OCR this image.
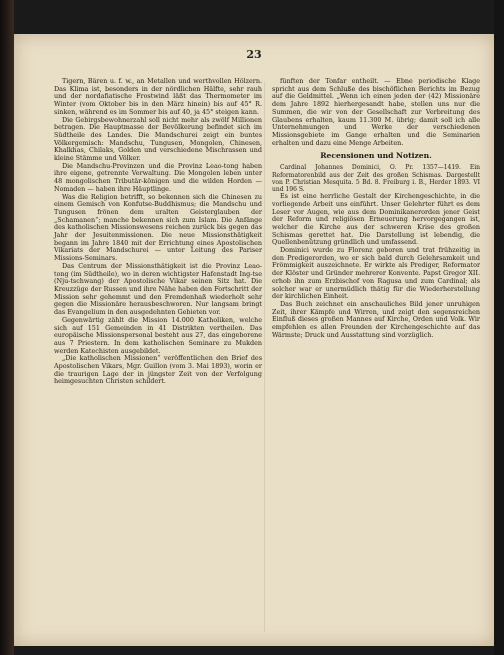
23

Tigern, Bären u. f. w., an Metallen und werthvollen Hölzern. Das Klima ist, besonders in der nördlichen Hälfte, sehr rauh und der nordafiatische Frostwind läßt das Thermometer im Winter (vom Oktober bis in den März hinein) bis auf 45° R. sinken, während es im Sommer bis auf 40, ja 45° steigen kann.

Die Gebirgsbewohnerzahl soll nicht mehr als zwölf Millionen betragen. Die Hauptmasse der Bevölkerung befindet sich im Südtheile des Landes. Die Mandschurei zeigt ein buntes Völkergemisch: Mandschu, Tungusen, Mongolen, Chinesen, Khalkhas, Chilaks, Golden und verschiedene Mischrassen und kleine Stämme und Völker.

Die Mandschu-Provinzen und die Provinz Leao-tong haben ihre eigene, getrennte Verwaltung. Die Mongolen leben unter 48 mongolischen Tributär-königen und die wilden Horden — Nomaden — haben ihre Häuptlinge.

Was die Religion betrifft, so bekennen sich die Chinesen zu einem Gemisch von Konfutse-Buddhismus; die Mandschu und Tungusen frönen dem uralten Geisterglauben der „Schamanen“; manche bekennen sich zum Islam. Die Anfänge des katholischen Missionswesens reichen zurück bis gegen das Jahr der Jesuitenmissionen. Die neue Missionsthätigkeit begann im Jahre 1840 mit der Errichtung eines Apostolischen Vikariats der Mandschurei — unter Leitung des Pariser Missions-Seminars.

Das Centrum der Missionsthätigkeit ist die Provinz Leao-tong (im Südtheile), wo in deren wichtigster Hafenstadt Ing-tse (Nju-tschwang) der Apostolische Vikar seinen Sitz hat. Die Kreuzzüge der Russen und ihre Nähe haben den Fortschritt der Mission sehr gehemmt und den Fremdenhaß wiederholt sehr gegen die Missionäre herausbeschworen. Nur langsam bringt das Evangelium in den ausgedehnten Gebieten vor.

Gegenwärtig zählt die Mission 14.000 Katholiken, welche sich auf 151 Gemeinden in 41 Distrikten vertheilen. Das europäische Missionspersonal besteht aus 27, das eingeborene aus 7 Priestern. In dem katholischen Seminare zu Mukden werden Katechisten ausgebildet.

„Die katholischen Missionen“ veröffentlichen den Brief des Apostolischen Vikars, Mgr. Guillon (vom 3. Mai 1893), worin er die traurigen Lage der in jüngster Zeit von der Verfolgung heimgesuchten Christen schildert.

fünften der Tonfar entheilt. — Ebne periodische Klage spricht aus dem Schluße des bischöflichen Berichts im Bezug auf die Geldmittel. „Wenn ich einen jeden der (42) Missionäre dem Jahre 1892 hierhergesandt habe, stellen uns nur die Summen, die wir von der Gesellschaft zur Verbreitung des Glaubens erhalten, kaum 11.300 M. übrig; damit soll ich alle Unternehmungen und Werke der verschiedenen Missionsgebiete im Gange erhalten und die Seminarien erhalten und dazu eine Menge Arbeiten.

Recensionen und Notizen.

Cardinal Johannes Dominici, O. Pr. 1357—1419. Ein Reformatorenbild aus der Zeit des großen Schismas. Dargestellt von P. Christian Mesquita. 5 Bd. 8. Freiburg i. B., Herder 1893. VI und 196 S.

Es ist eine herrliche Gestalt der Kirchengeschichte, in die vorliegende Arbeit uns einführt. Unser Gelehrter führt es dem Leser vor Augen, wie aus dem Dominikanerorden jener Geist der Reform und religiösen Erneuerung hervorgegangen ist, welcher die Kirche aus der schweren Krise des großen Schismas gerettet hat. Die Darstellung ist lebendig, die Quellenbenützung gründlich und umfassend.

Dominici wurde zu Florenz geboren und trat frühzeitig in den Predigerorden, wo er sich bald durch Gelehrsamkeit und Frömmigkeit auszeichnete. Er wirkte als Prediger, Reformator der Klöster und Gründer mehrerer Konvente. Papst Gregor XII. erhob ihn zum Erzbischof von Ragusa und zum Cardinal; als solcher war er unermüdlich thätig für die Wiederherstellung der kirchlichen Einheit.

Das Buch zeichnet ein anschauliches Bild jener unruhigen Zeit, ihrer Kämpfe und Wirren, und zeigt den segensreichen Einfluß dieses großen Mannes auf Kirche, Orden und Volk. Wir empfehlen es allen Freunden der Kirchengeschichte auf das Wärmste; Druck und Ausstattung sind vorzüglich.
